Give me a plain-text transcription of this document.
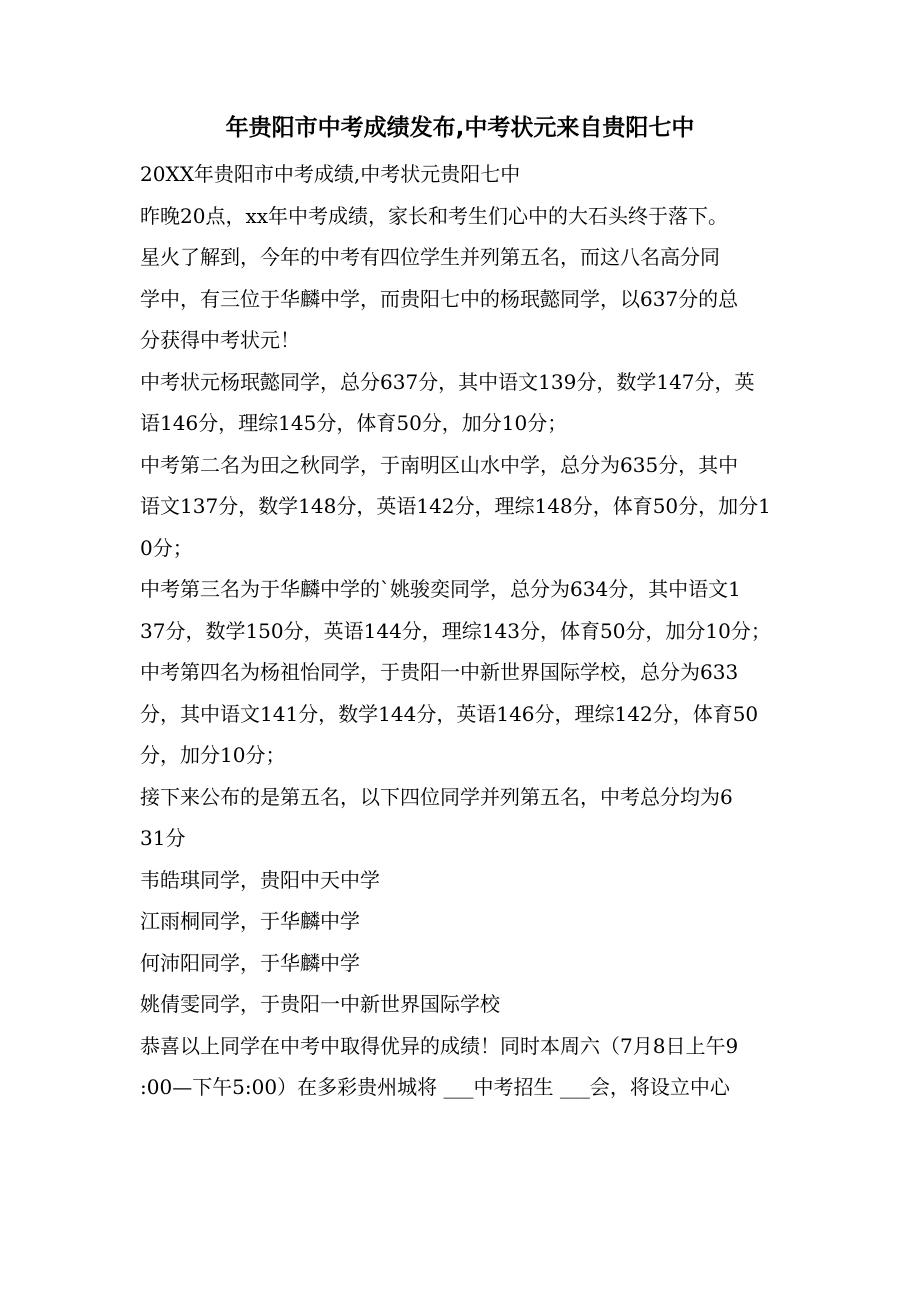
年贵阳市中考成绩发布,中考状元来自贵阳七中
20XX年贵阳市中考成绩,中考状元贵阳七中
昨晚20点，xx年中考成绩，家长和考生们心中的大石头终于落下。
星火了解到，今年的中考有四位学生并列第五名，而这八名高分同
学中，有三位于华麟中学，而贵阳七中的杨珉懿同学，以637分的总
分获得中考状元！
中考状元杨珉懿同学，总分637分，其中语文139分，数学147分，英
语146分，理综145分，体育50分，加分10分；
中考第二名为田之秋同学，于南明区山水中学，总分为635分，其中
语文137分，数学148分，英语142分，理综148分，体育50分，加分1
0分；
中考第三名为于华麟中学的`姚骏奕同学，总分为634分，其中语文1
37分，数学150分，英语144分，理综143分，体育50分，加分10分；
中考第四名为杨祖怡同学，于贵阳一中新世界国际学校，总分为633
分，其中语文141分，数学144分，英语146分，理综142分，体育50
分，加分10分；
接下来公布的是第五名，以下四位同学并列第五名，中考总分均为6
31分
韦皓琪同学，贵阳中天中学
江雨桐同学，于华麟中学
何沛阳同学，于华麟中学
姚倩雯同学，于贵阳一中新世界国际学校
恭喜以上同学在中考中取得优异的成绩！同时本周六（7月8日上午9
:00—下午5:00）在多彩贵州城将 ___中考招生 ___会，将设立中心
